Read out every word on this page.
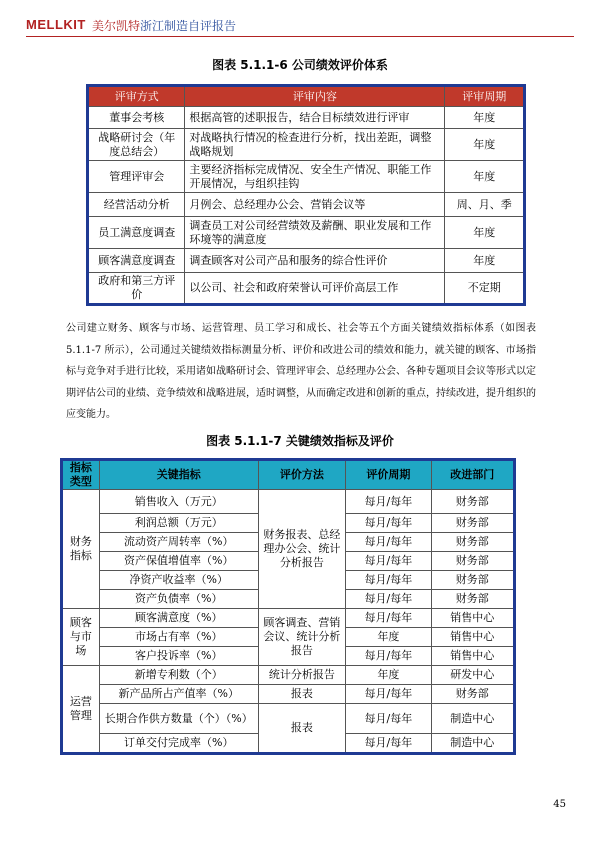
MELLKIT 美尔凯特 浙江制造自评报告
图表 5.1.1-6 公司绩效评价体系
评审方式	评审内容	评审周期
董事会考核	根据高管的述职报告，结合目标绩效进行评审	年度
战略研讨会（年度总结会）	对战略执行情况的检查进行分析，找出差距，调整战略规划	年度
管理评审会	主要经济指标完成情况、安全生产情况、职能工作开展情况，与组织挂钩	年度
经营活动分析	月例会、总经理办公会、营销会议等	周、月、季
员工满意度调查	调查员工对公司经营绩效及薪酬、职业发展和工作环境等的满意度	年度
顾客满意度调查	调查顾客对公司产品和服务的综合性评价	年度
政府和第三方评价	以公司、社会和政府荣誉认可评价高层工作	不定期
公司建立财务、顾客与市场、运营管理、员工学习和成长、社会等五个方面关键绩效指标体系（如图表 5.1.1-7 所示），公司通过关键绩效指标测量分析、评价和改进公司的绩效和能力，就关键的顾客、市场指标与竞争对手进行比较，采用诸如战略研讨会、管理评审会、总经理办公会、各种专题项目会议等形式以定期评估公司的业绩、竞争绩效和战略进展，适时调整，从而确定改进和创新的重点，持续改进，提升组织的应变能力。
图表 5.1.1-7 关键绩效指标及评价
指标类型	关键指标	评价方法	评价周期	改进部门
财务指标	销售收入（万元）	财务报表、总经理办公会、统计分析报告	每月/每年	财务部
	利润总额（万元）		每月/每年	财务部
	流动资产周转率（%）		每月/每年	财务部
	资产保值增值率（%）		每月/每年	财务部
	净资产收益率（%）		每月/每年	财务部
	资产负债率（%）		每月/每年	财务部
顾客与市场	顾客满意度（%）	顾客调查、营销会议、统计分析报告	每月/每年	销售中心
	市场占有率（%）		年度	销售中心
	客户投诉率（%）		每月/每年	销售中心
运营管理	新增专利数（个）	统计分析报告	年度	研发中心
	新产品所占产值率（%）	报表	每月/每年	财务部
	长期合作供方数量（个）（%）	报表	每月/每年	制造中心
	订单交付完成率（%）		每月/每年	制造中心
45
